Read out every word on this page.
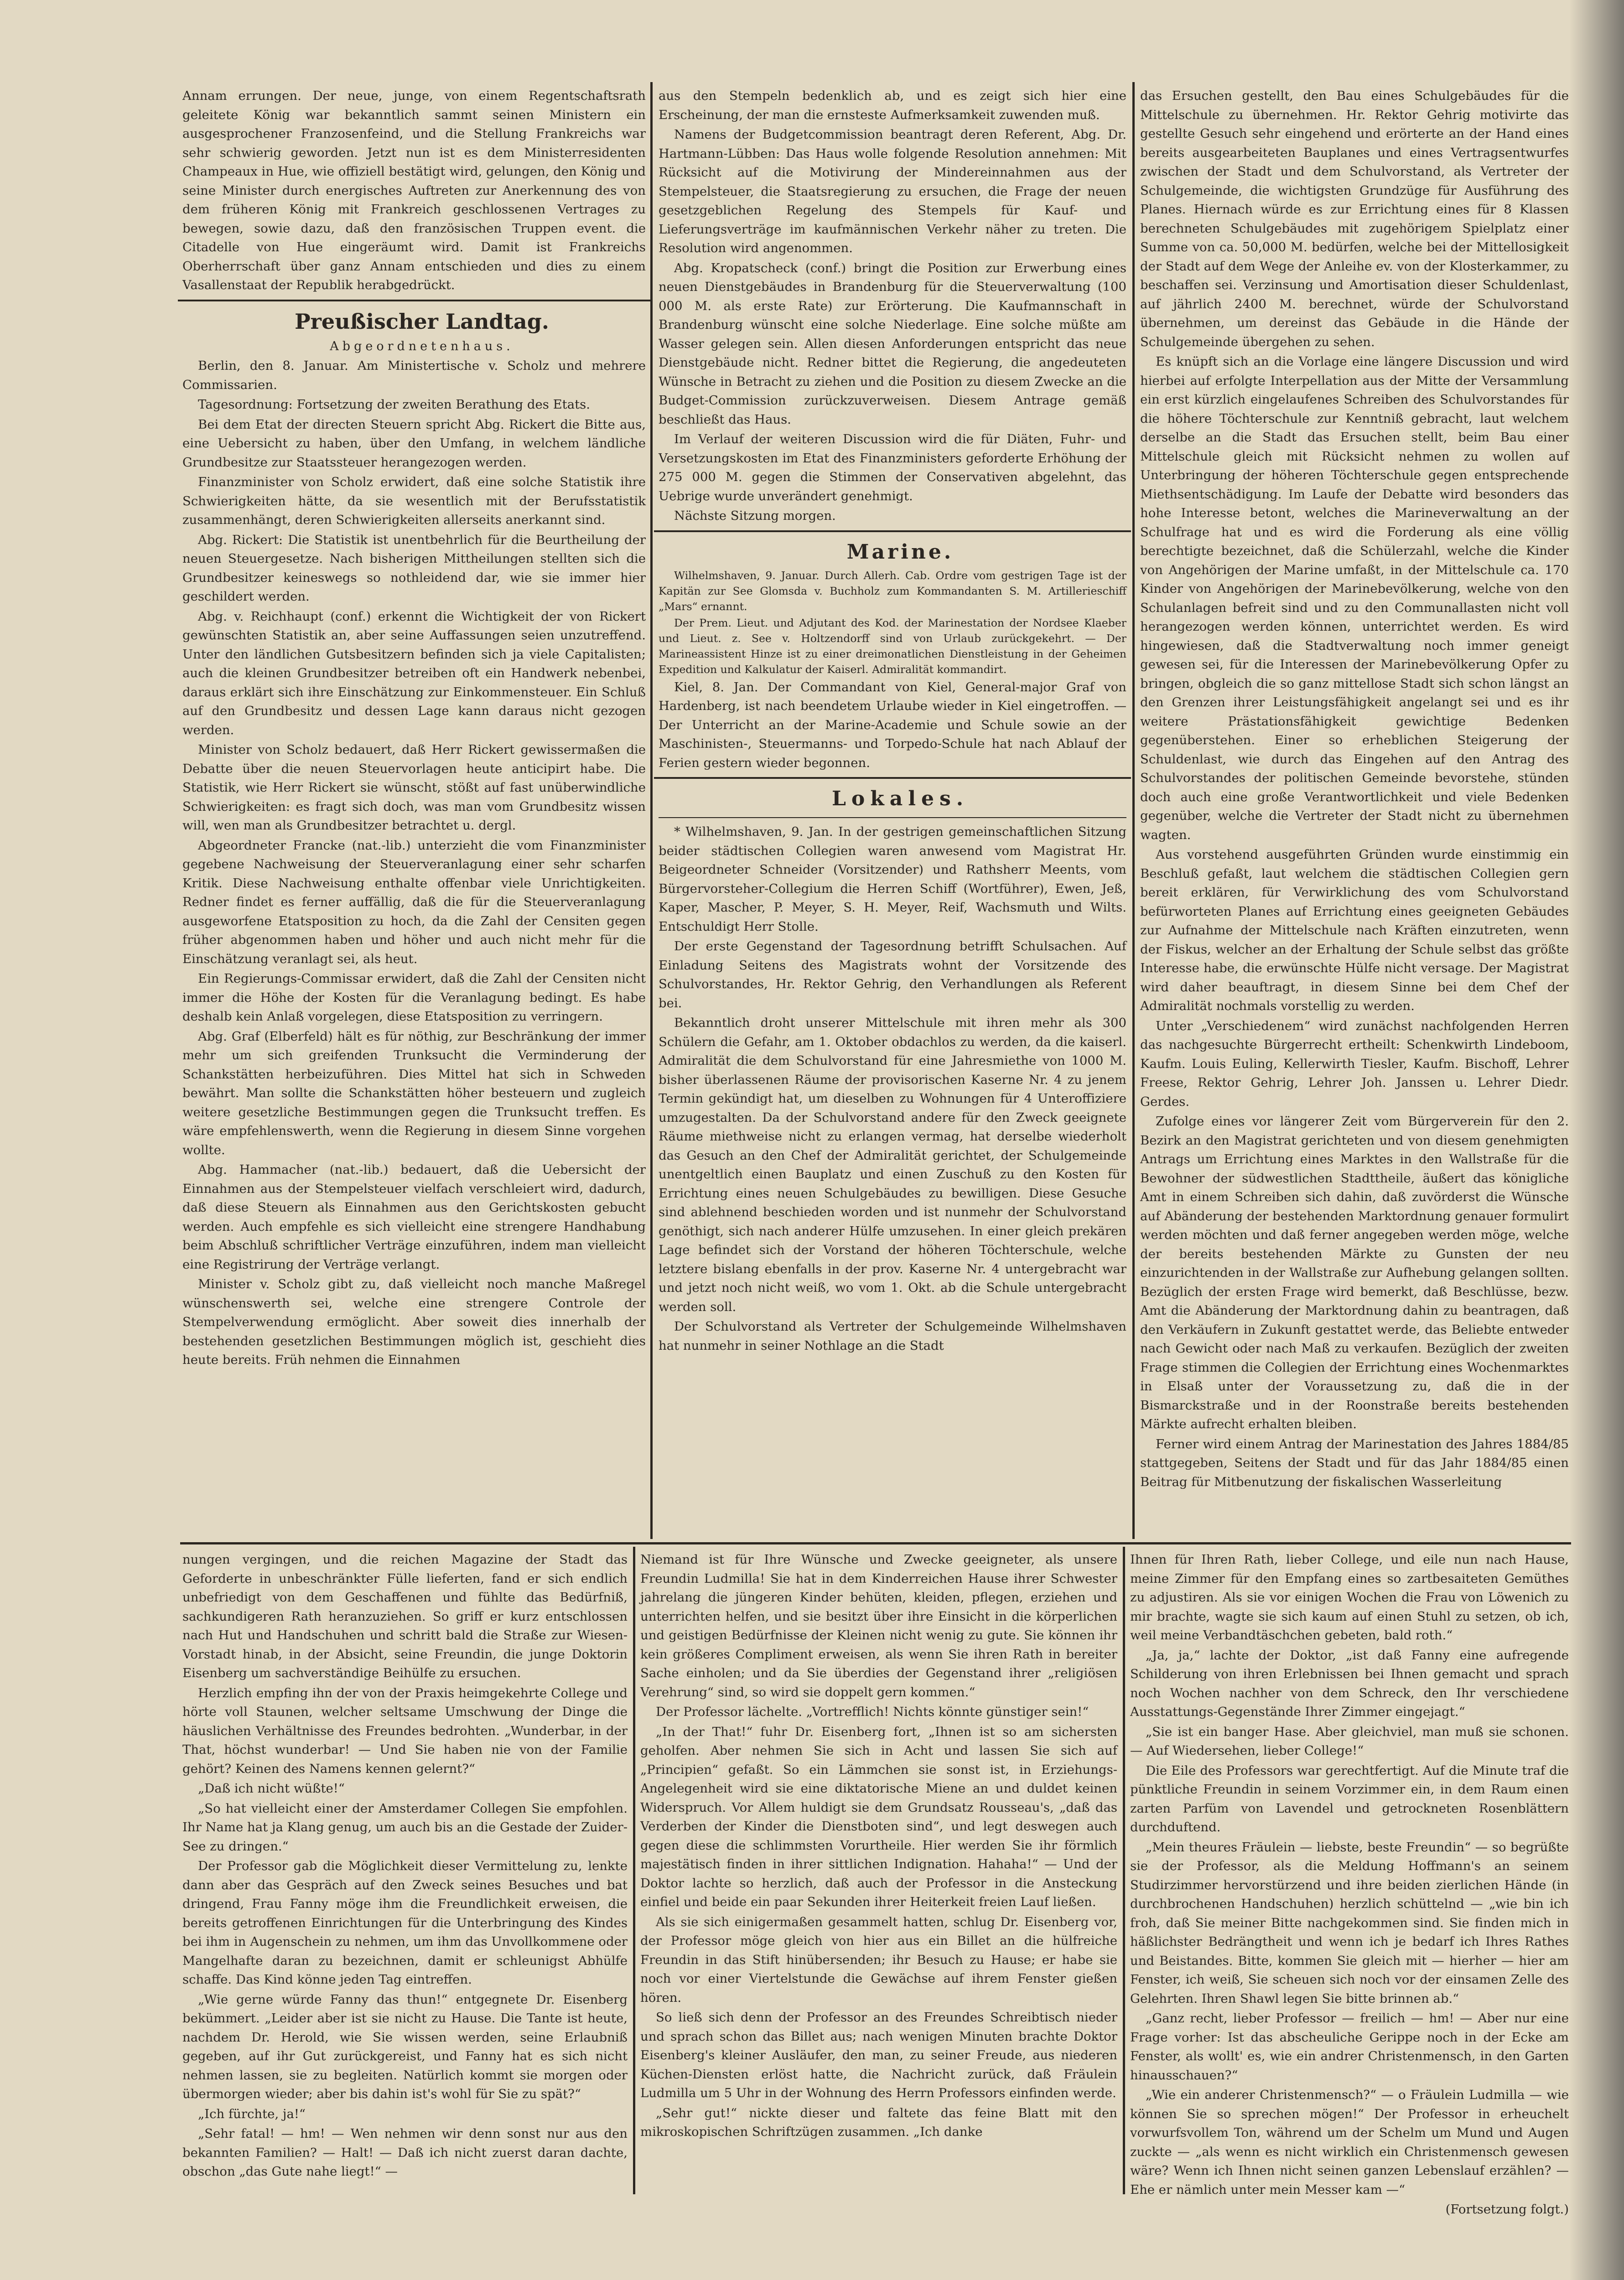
Annam errungen. Der neue, junge, von einem Regentschaftsrath geleitete König war bekanntlich sammt seinen Ministern ein ausgesprochener Franzosenfeind, und die Stellung Frankreichs war sehr schwierig geworden. Jetzt nun ist es dem Ministerresidenten Champeaux in Hue, wie offiziell bestätigt wird, gelungen, den König und seine Minister durch energisches Auftreten zur Anerkennung des von dem früheren König mit Frankreich geschlossenen Vertrages zu bewegen, sowie dazu, daß den französischen Truppen event. die Citadelle von Hue eingeräumt wird. Damit ist Frankreichs Oberherrschaft über ganz Annam entschieden und dies zu einem Vasallenstaat der Republik herabgedrückt.

Preußischer Landtag.

Abgeordnetenhaus.

Berlin, den 8. Januar. Am Ministertische v. Scholz und mehrere Commissarien.

Tagesordnung: Fortsetzung der zweiten Berathung des Etats.

Bei dem Etat der directen Steuern spricht Abg. Rickert die Bitte aus, eine Uebersicht zu haben, über den Umfang, in welchem ländliche Grundbesitze zur Staatssteuer herangezogen werden.

Finanzminister von Scholz erwidert, daß eine solche Statistik ihre Schwierigkeiten hätte, da sie wesentlich mit der Berufsstatistik zusammenhängt, deren Schwierigkeiten allerseits anerkannt sind.

Abg. Rickert: Die Statistik ist unentbehrlich für die Beurtheilung der neuen Steuergesetze. Nach bisherigen Mittheilungen stellten sich die Grundbesitzer keineswegs so nothleidend dar, wie sie immer hier geschildert werden.

Abg. v. Reichhaupt (conf.) erkennt die Wichtigkeit der von Rickert gewünschten Statistik an, aber seine Auffassungen seien unzutreffend. Unter den ländlichen Gutsbesitzern befinden sich ja viele Capitalisten; auch die kleinen Grundbesitzer betreiben oft ein Handwerk nebenbei, daraus erklärt sich ihre Einschätzung zur Einkommensteuer. Ein Schluß auf den Grundbesitz und dessen Lage kann daraus nicht gezogen werden.

Minister von Scholz bedauert, daß Herr Rickert gewissermaßen die Debatte über die neuen Steuervorlagen heute anticipirt habe. Die Statistik, wie Herr Rickert sie wünscht, stößt auf fast unüberwindliche Schwierigkeiten: es fragt sich doch, was man vom Grundbesitz wissen will, wen man als Grundbesitzer betrachtet u. dergl.

Abgeordneter Francke (nat.-lib.) unterzieht die vom Finanzminister gegebene Nachweisung der Steuerveranlagung einer sehr scharfen Kritik. Diese Nachweisung enthalte offenbar viele Unrichtigkeiten. Redner findet es ferner auffällig, daß die für die Steuerveranlagung ausgeworfene Etatsposition zu hoch, da die Zahl der Censiten gegen früher abgenommen haben und höher und auch nicht mehr für die Einschätzung veranlagt sei, als heut.

Ein Regierungs-Commissar erwidert, daß die Zahl der Censiten nicht immer die Höhe der Kosten für die Veranlagung bedingt. Es habe deshalb kein Anlaß vorgelegen, diese Etatsposition zu verringern.

Abg. Graf (Elberfeld) hält es für nöthig, zur Beschränkung der immer mehr um sich greifenden Trunksucht die Verminderung der Schankstätten herbeizuführen. Dies Mittel hat sich in Schweden bewährt. Man sollte die Schankstätten höher besteuern und zugleich weitere gesetzliche Bestimmungen gegen die Trunksucht treffen. Es wäre empfehlenswerth, wenn die Regierung in diesem Sinne vorgehen wollte.

Abg. Hammacher (nat.-lib.) bedauert, daß die Uebersicht der Einnahmen aus der Stempelsteuer vielfach verschleiert wird, dadurch, daß diese Steuern als Einnahmen aus den Gerichtskosten gebucht werden. Auch empfehle es sich vielleicht eine strengere Handhabung beim Abschluß schriftlicher Verträge einzuführen, indem man vielleicht eine Registrirung der Verträge verlangt.

Minister v. Scholz gibt zu, daß vielleicht noch manche Maßregel wünschenswerth sei, welche eine strengere Controle der Stempelverwendung ermöglicht. Aber soweit dies innerhalb der bestehenden gesetzlichen Bestimmungen möglich ist, geschieht dies heute bereits. Früh nehmen die Einnahmen

aus den Stempeln bedenklich ab, und es zeigt sich hier eine Erscheinung, der man die ernsteste Aufmerksamkeit zuwenden muß.

Namens der Budgetcommission beantragt deren Referent, Abg. Dr. Hartmann-Lübben: Das Haus wolle folgende Resolution annehmen: Mit Rücksicht auf die Motivirung der Mindereinnahmen aus der Stempelsteuer, die Staatsregierung zu ersuchen, die Frage der neuen gesetzgeblichen Regelung des Stempels für Kauf- und Lieferungsverträge im kaufmännischen Verkehr näher zu treten. Die Resolution wird angenommen.

Abg. Kropatscheck (conf.) bringt die Position zur Erwerbung eines neuen Dienstgebäudes in Brandenburg für die Steuerverwaltung (100 000 M. als erste Rate) zur Erörterung. Die Kaufmannschaft in Brandenburg wünscht eine solche Niederlage. Eine solche müßte am Wasser gelegen sein. Allen diesen Anforderungen entspricht das neue Dienstgebäude nicht. Redner bittet die Regierung, die angedeuteten Wünsche in Betracht zu ziehen und die Position zu diesem Zwecke an die Budget-Commission zurückzuverweisen. Diesem Antrage gemäß beschließt das Haus.

Im Verlauf der weiteren Discussion wird die für Diäten, Fuhr- und Versetzungskosten im Etat des Finanzministers geforderte Erhöhung der 275 000 M. gegen die Stimmen der Conservativen abgelehnt, das Uebrige wurde unverändert genehmigt.

Nächste Sitzung morgen.

Marine.

Wilhelmshaven, 9. Januar. Durch Allerh. Cab. Ordre vom gestrigen Tage ist der Kapitän zur See Glomsda v. Buchholz zum Kommandanten S. M. Artillerieschiff „Mars“ ernannt.

Der Prem. Lieut. und Adjutant des Kod. der Marinestation der Nordsee Klaeber und Lieut. z. See v. Holtzendorff sind von Urlaub zurückgekehrt. — Der Marineassistent Hinze ist zu einer dreimonatlichen Dienstleistung in der Geheimen Expedition und Kalkulatur der Kaiserl. Admiralität kommandirt.

Kiel, 8. Jan. Der Commandant von Kiel, General-major Graf von Hardenberg, ist nach beendetem Urlaube wieder in Kiel eingetroffen. — Der Unterricht an der Marine-Academie und Schule sowie an der Maschinisten-, Steuermanns- und Torpedo-Schule hat nach Ablauf der Ferien gestern wieder begonnen.

Lokales.

* Wilhelmshaven, 9. Jan. In der gestrigen gemeinschaftlichen Sitzung beider städtischen Collegien waren anwesend vom Magistrat Hr. Beigeordneter Schneider (Vorsitzender) und Rathsherr Meents, vom Bürgervorsteher-Collegium die Herren Schiff (Wortführer), Ewen, Jeß, Kaper, Mascher, P. Meyer, S. H. Meyer, Reif, Wachsmuth und Wilts. Entschuldigt Herr Stolle.

Der erste Gegenstand der Tagesordnung betrifft Schulsachen. Auf Einladung Seitens des Magistrats wohnt der Vorsitzende des Schulvorstandes, Hr. Rektor Gehrig, den Verhandlungen als Referent bei.

Bekanntlich droht unserer Mittelschule mit ihren mehr als 300 Schülern die Gefahr, am 1. Oktober obdachlos zu werden, da die kaiserl. Admiralität die dem Schulvorstand für eine Jahresmiethe von 1000 M. bisher überlassenen Räume der provisorischen Kaserne Nr. 4 zu jenem Termin gekündigt hat, um dieselben zu Wohnungen für 4 Unteroffiziere umzugestalten. Da der Schulvorstand andere für den Zweck geeignete Räume miethweise nicht zu erlangen vermag, hat derselbe wiederholt das Gesuch an den Chef der Admiralität gerichtet, der Schulgemeinde unentgeltlich einen Bauplatz und einen Zuschuß zu den Kosten für Errichtung eines neuen Schulgebäudes zu bewilligen. Diese Gesuche sind ablehnend beschieden worden und ist nunmehr der Schulvorstand genöthigt, sich nach anderer Hülfe umzusehen. In einer gleich prekären Lage befindet sich der Vorstand der höheren Töchterschule, welche letztere bislang ebenfalls in der prov. Kaserne Nr. 4 untergebracht war und jetzt noch nicht weiß, wo vom 1. Okt. ab die Schule untergebracht werden soll.

Der Schulvorstand als Vertreter der Schulgemeinde Wilhelmshaven hat nunmehr in seiner Nothlage an die Stadt

das Ersuchen gestellt, den Bau eines Schulgebäudes für die Mittelschule zu übernehmen. Hr. Rektor Gehrig motivirte das gestellte Gesuch sehr eingehend und erörterte an der Hand eines bereits ausgearbeiteten Bauplanes und eines Vertragsentwurfes zwischen der Stadt und dem Schulvorstand, als Vertreter der Schulgemeinde, die wichtigsten Grundzüge für Ausführung des Planes. Hiernach würde es zur Errichtung eines für 8 Klassen berechneten Schulgebäudes mit zugehörigem Spielplatz einer Summe von ca. 50,000 M. bedürfen, welche bei der Mittellosigkeit der Stadt auf dem Wege der Anleihe ev. von der Klosterkammer, zu beschaffen sei. Verzinsung und Amortisation dieser Schuldenlast, auf jährlich 2400 M. berechnet, würde der Schulvorstand übernehmen, um dereinst das Gebäude in die Hände der Schulgemeinde übergehen zu sehen.

Es knüpft sich an die Vorlage eine längere Discussion und wird hierbei auf erfolgte Interpellation aus der Mitte der Versammlung ein erst kürzlich eingelaufenes Schreiben des Schulvorstandes für die höhere Töchterschule zur Kenntniß gebracht, laut welchem derselbe an die Stadt das Ersuchen stellt, beim Bau einer Mittelschule gleich mit Rücksicht nehmen zu wollen auf Unterbringung der höheren Töchterschule gegen entsprechende Miethsentschädigung. Im Laufe der Debatte wird besonders das hohe Interesse betont, welches die Marineverwaltung an der Schulfrage hat und es wird die Forderung als eine völlig berechtigte bezeichnet, daß die Schülerzahl, welche die Kinder von Angehörigen der Marine umfaßt, in der Mittelschule ca. 170 Kinder von Angehörigen der Marinebevölkerung, welche von den Schulanlagen befreit sind und zu den Communallasten nicht voll herangezogen werden können, unterrichtet werden. Es wird hingewiesen, daß die Stadtverwaltung noch immer geneigt gewesen sei, für die Interessen der Marinebevölkerung Opfer zu bringen, obgleich die so ganz mittellose Stadt sich schon längst an den Grenzen ihrer Leistungsfähigkeit angelangt sei und es ihr weitere Prästationsfähigkeit gewichtige Bedenken gegenüberstehen. Einer so erheblichen Steigerung der Schuldenlast, wie durch das Eingehen auf den Antrag des Schulvorstandes der politischen Gemeinde bevorstehe, stünden doch auch eine große Verantwortlichkeit und viele Bedenken gegenüber, welche die Vertreter der Stadt nicht zu übernehmen wagten.

Aus vorstehend ausgeführten Gründen wurde einstimmig ein Beschluß gefaßt, laut welchem die städtischen Collegien gern bereit erklären, für Verwirklichung des vom Schulvorstand befürworteten Planes auf Errichtung eines geeigneten Gebäudes zur Aufnahme der Mittelschule nach Kräften einzutreten, wenn der Fiskus, welcher an der Erhaltung der Schule selbst das größte Interesse habe, die erwünschte Hülfe nicht versage. Der Magistrat wird daher beauftragt, in diesem Sinne bei dem Chef der Admiralität nochmals vorstellig zu werden.

Unter „Verschiedenem“ wird zunächst nachfolgenden Herren das nachgesuchte Bürgerrecht ertheilt: Schenkwirth Lindeboom, Kaufm. Louis Euling, Kellerwirth Tiesler, Kaufm. Bischoff, Lehrer Freese, Rektor Gehrig, Lehrer Joh. Janssen u. Lehrer Diedr. Gerdes.

Zufolge eines vor längerer Zeit vom Bürgerverein für den 2. Bezirk an den Magistrat gerichteten und von diesem genehmigten Antrags um Errichtung eines Marktes in den Wallstraße für die Bewohner der südwestlichen Stadttheile, äußert das königliche Amt in einem Schreiben sich dahin, daß zuvörderst die Wünsche auf Abänderung der bestehenden Marktordnung genauer formulirt werden möchten und daß ferner angegeben werden möge, welche der bereits bestehenden Märkte zu Gunsten der neu einzurichtenden in der Wallstraße zur Aufhebung gelangen sollten. Bezüglich der ersten Frage wird bemerkt, daß Beschlüsse, bezw. Amt die Abänderung der Marktordnung dahin zu beantragen, daß den Verkäufern in Zukunft gestattet werde, das Beliebte entweder nach Gewicht oder nach Maß zu verkaufen. Bezüglich der zweiten Frage stimmen die Collegien der Errichtung eines Wochenmarktes in Elsaß unter der Voraussetzung zu, daß die in der Bismarckstraße und in der Roonstraße bereits bestehenden Märkte aufrecht erhalten bleiben.

Ferner wird einem Antrag der Marinestation des Jahres 1884/85 stattgegeben, Seitens der Stadt und für das Jahr 1884/85 einen Beitrag für Mitbenutzung der fiskalischen Wasserleitung

nungen vergingen, und die reichen Magazine der Stadt das Geforderte in unbeschränkter Fülle lieferten, fand er sich endlich unbefriedigt von dem Geschaffenen und fühlte das Bedürfniß, sachkundigeren Rath heranzuziehen. So griff er kurz entschlossen nach Hut und Handschuhen und schritt bald die Straße zur Wiesen-Vorstadt hinab, in der Absicht, seine Freundin, die junge Doktorin Eisenberg um sachverständige Beihülfe zu ersuchen.

Herzlich empfing ihn der von der Praxis heimgekehrte College und hörte voll Staunen, welcher seltsame Umschwung der Dinge die häuslichen Verhältnisse des Freundes bedrohten. „Wunderbar, in der That, höchst wunderbar! — Und Sie haben nie von der Familie gehört? Keinen des Namens kennen gelernt?“

„Daß ich nicht wüßte!“

„So hat vielleicht einer der Amsterdamer Collegen Sie empfohlen. Ihr Name hat ja Klang genug, um auch bis an die Gestade der Zuider-See zu dringen.“

Der Professor gab die Möglichkeit dieser Vermittelung zu, lenkte dann aber das Gespräch auf den Zweck seines Besuches und bat dringend, Frau Fanny möge ihm die Freundlichkeit erweisen, die bereits getroffenen Einrichtungen für die Unterbringung des Kindes bei ihm in Augenschein zu nehmen, um ihm das Unvollkommene oder Mangelhafte daran zu bezeichnen, damit er schleunigst Abhülfe schaffe. Das Kind könne jeden Tag eintreffen.

„Wie gerne würde Fanny das thun!“ entgegnete Dr. Eisenberg bekümmert. „Leider aber ist sie nicht zu Hause. Die Tante ist heute, nachdem Dr. Herold, wie Sie wissen werden, seine Erlaubniß gegeben, auf ihr Gut zurückgereist, und Fanny hat es sich nicht nehmen lassen, sie zu begleiten. Natürlich kommt sie morgen oder übermorgen wieder; aber bis dahin ist's wohl für Sie zu spät?“

„Ich fürchte, ja!“

„Sehr fatal! — hm! — Wen nehmen wir denn sonst nur aus den bekannten Familien? — Halt! — Daß ich nicht zuerst daran dachte, obschon „das Gute nahe liegt!“ —

Niemand ist für Ihre Wünsche und Zwecke geeigneter, als unsere Freundin Ludmilla! Sie hat in dem Kinderreichen Hause ihrer Schwester jahrelang die jüngeren Kinder behüten, kleiden, pflegen, erziehen und unterrichten helfen, und sie besitzt über ihre Einsicht in die körperlichen und geistigen Bedürfnisse der Kleinen nicht wenig zu gute. Sie können ihr kein größeres Compliment erweisen, als wenn Sie ihren Rath in bereiter Sache einholen; und da Sie überdies der Gegenstand ihrer „religiösen Verehrung“ sind, so wird sie doppelt gern kommen.“

Der Professor lächelte. „Vortrefflich! Nichts könnte günstiger sein!“

„In der That!“ fuhr Dr. Eisenberg fort, „Ihnen ist so am sichersten geholfen. Aber nehmen Sie sich in Acht und lassen Sie sich auf „Principien“ gefaßt. So ein Lämmchen sie sonst ist, in Erziehungs-Angelegenheit wird sie eine diktatorische Miene an und duldet keinen Widerspruch. Vor Allem huldigt sie dem Grundsatz Rousseau's, „daß das Verderben der Kinder die Dienstboten sind“, und legt deswegen auch gegen diese die schlimmsten Vorurtheile. Hier werden Sie ihr förmlich majestätisch finden in ihrer sittlichen Indignation. Hahaha!“ — Und der Doktor lachte so herzlich, daß auch der Professor in die Ansteckung einfiel und beide ein paar Sekunden ihrer Heiterkeit freien Lauf ließen.

Als sie sich einigermaßen gesammelt hatten, schlug Dr. Eisenberg vor, der Professor möge gleich von hier aus ein Billet an die hülfreiche Freundin in das Stift hinübersenden; ihr Besuch zu Hause; er habe sie noch vor einer Viertelstunde die Gewächse auf ihrem Fenster gießen hören.

So ließ sich denn der Professor an des Freundes Schreibtisch nieder und sprach schon das Billet aus; nach wenigen Minuten brachte Doktor Eisenberg's kleiner Ausläufer, den man, zu seiner Freude, aus niederen Küchen-Diensten erlöst hatte, die Nachricht zurück, daß Fräulein Ludmilla um 5 Uhr in der Wohnung des Herrn Professors einfinden werde.

„Sehr gut!“ nickte dieser und faltete das feine Blatt mit den mikroskopischen Schriftzügen zusammen. „Ich danke

Ihnen für Ihren Rath, lieber College, und eile nun nach Hause, meine Zimmer für den Empfang eines so zartbesaiteten Gemüthes zu adjustiren. Als sie vor einigen Wochen die Frau von Löwenich zu mir brachte, wagte sie sich kaum auf einen Stuhl zu setzen, ob ich, weil meine Verbandtäschchen gebeten, bald roth.“

„Ja, ja,“ lachte der Doktor, „ist daß Fanny eine aufregende Schilderung von ihren Erlebnissen bei Ihnen gemacht und sprach noch Wochen nachher von dem Schreck, den Ihr verschiedene Ausstattungs-Gegenstände Ihrer Zimmer eingejagt.“

„Sie ist ein banger Hase. Aber gleichviel, man muß sie schonen. — Auf Wiedersehen, lieber College!“

Die Eile des Professors war gerechtfertigt. Auf die Minute traf die pünktliche Freundin in seinem Vorzimmer ein, in dem Raum einen zarten Parfüm von Lavendel und getrockneten Rosenblättern durchduftend.

„Mein theures Fräulein — liebste, beste Freundin“ — so begrüßte sie der Professor, als die Meldung Hoffmann's an seinem Studirzimmer hervorstürzend und ihre beiden zierlichen Hände (in durchbrochenen Handschuhen) herzlich schüttelnd — „wie bin ich froh, daß Sie meiner Bitte nachgekommen sind. Sie finden mich in häßlichster Bedrängtheit und wenn ich je bedarf ich Ihres Rathes und Beistandes. Bitte, kommen Sie gleich mit — hierher — hier am Fenster, ich weiß, Sie scheuen sich noch vor der einsamen Zelle des Gelehrten. Ihren Shawl legen Sie bitte brinnen ab.“

„Ganz recht, lieber Professor — freilich — hm! — Aber nur eine Frage vorher: Ist das abscheuliche Gerippe noch in der Ecke am Fenster, als wollt' es, wie ein andrer Christenmensch, in den Garten hinausschauen?“

„Wie ein anderer Christenmensch?“ — o Fräulein Ludmilla — wie können Sie so sprechen mögen!“ Der Professor in erheuchelt vorwurfsvollem Ton, während um der Schelm um Mund und Augen zuckte — „als wenn es nicht wirklich ein Christenmensch gewesen wäre? Wenn ich Ihnen nicht seinen ganzen Lebenslauf erzählen? — Ehe er nämlich unter mein Messer kam —“

(Fortsetzung folgt.)
